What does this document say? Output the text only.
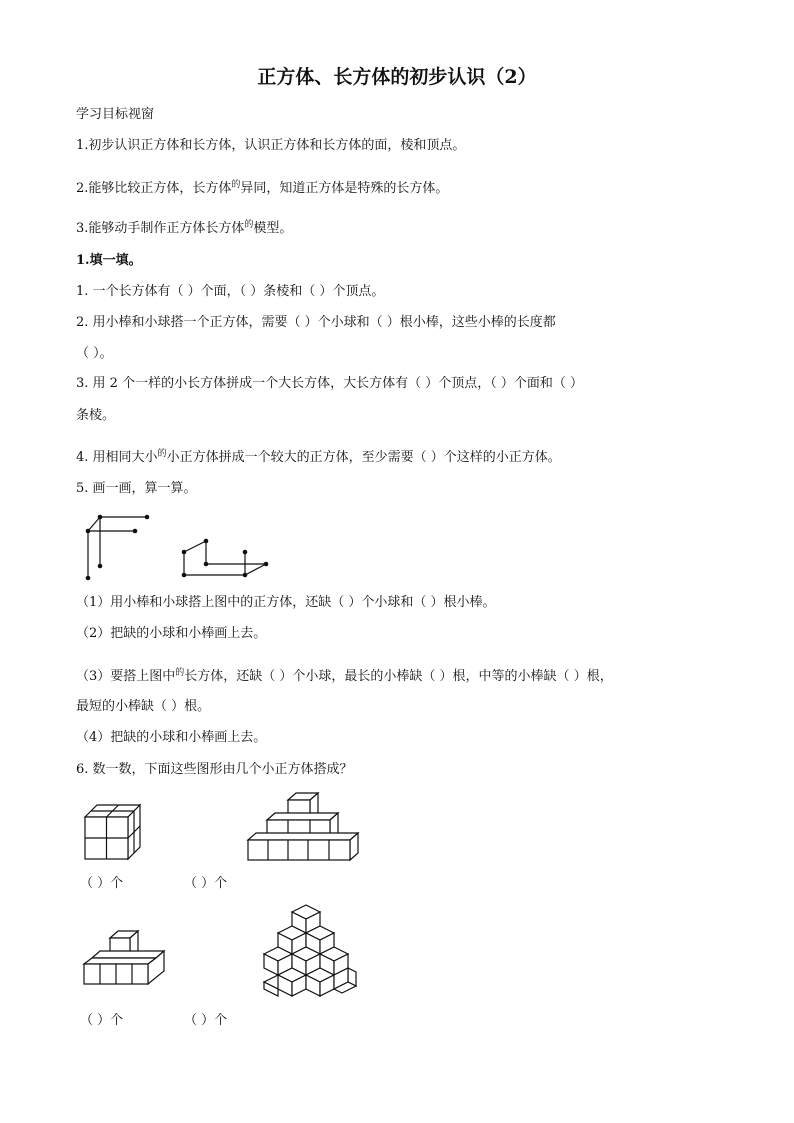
正方体、长方体的初步认识（2）
学习目标视窗
1.初步认识正方体和长方体，认识正方体和长方体的面，棱和顶点。
2.能够比较正方体，长方体$^的$异同，知道正方体是特殊的长方体。
3.能够动手制作正方体长方体$^的$模型。
1.填一填。
1. 一个长方体有（ ）个面，（ ）条棱和（ ）个顶点。
2. 用小棒和小球搭一个正方体，需要（ ）个小球和（ ）根小棒，这些小棒的长度都
（ ）。
3. 用 2 个一样的小长方体拼成一个大长方体，大长方体有（ ）个顶点，（ ）个面和（ ）
条棱。
4. 用相同大小$^的$小正方体拼成一个较大的正方体，至少需要（ ）个这样的小正方体。
5. 画一画，算一算。
（1）用小棒和小球搭上图中的正方体，还缺（ ）个小球和（ ）根小棒。
（2）把缺的小球和小棒画上去。
（3）要搭上图中$^的$长方体，还缺（ ）个小球，最长的小棒缺（ ）根，中等的小棒缺（ ）根，
最短的小棒缺（ ）根。
（4）把缺的小球和小棒画上去。
6. 数一数，下面这些图形由几个小正方体搭成？
（ ）个	（ ）个
（ ）个	（ ）个
